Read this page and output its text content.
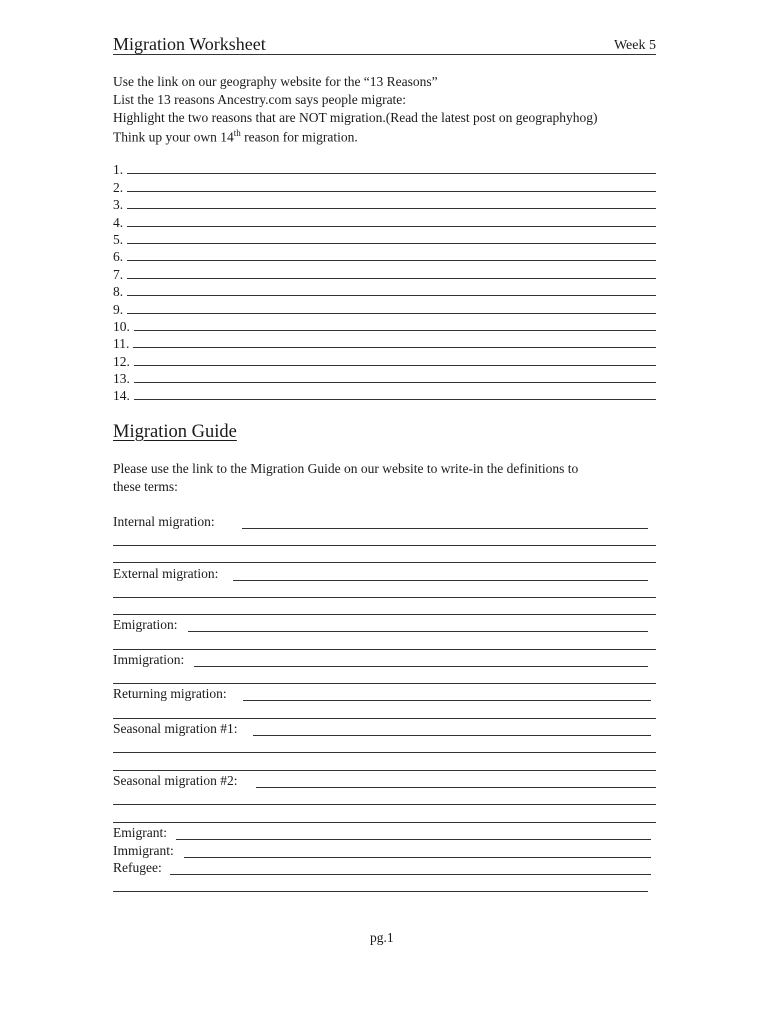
Migration Worksheet	Week 5
Use the link on our geography website for the “13 Reasons”
List the 13 reasons Ancestry.com says people migrate:
Highlight the two reasons that are NOT migration.(Read the latest post on geographyhog)
Think up your own 14th reason for migration.
1.
2.
3.
4.
5.
6.
7.
8.
9.
10.
11.
12.
13.
14.
Migration Guide
Please use the link to the Migration Guide on our website to write-in the definitions to
these terms:
Internal migration:
External migration:
Emigration:
Immigration:
Returning migration:
Seasonal migration #1:
Seasonal migration #2:
Emigrant:
Immigrant:
Refugee:
pg.1
